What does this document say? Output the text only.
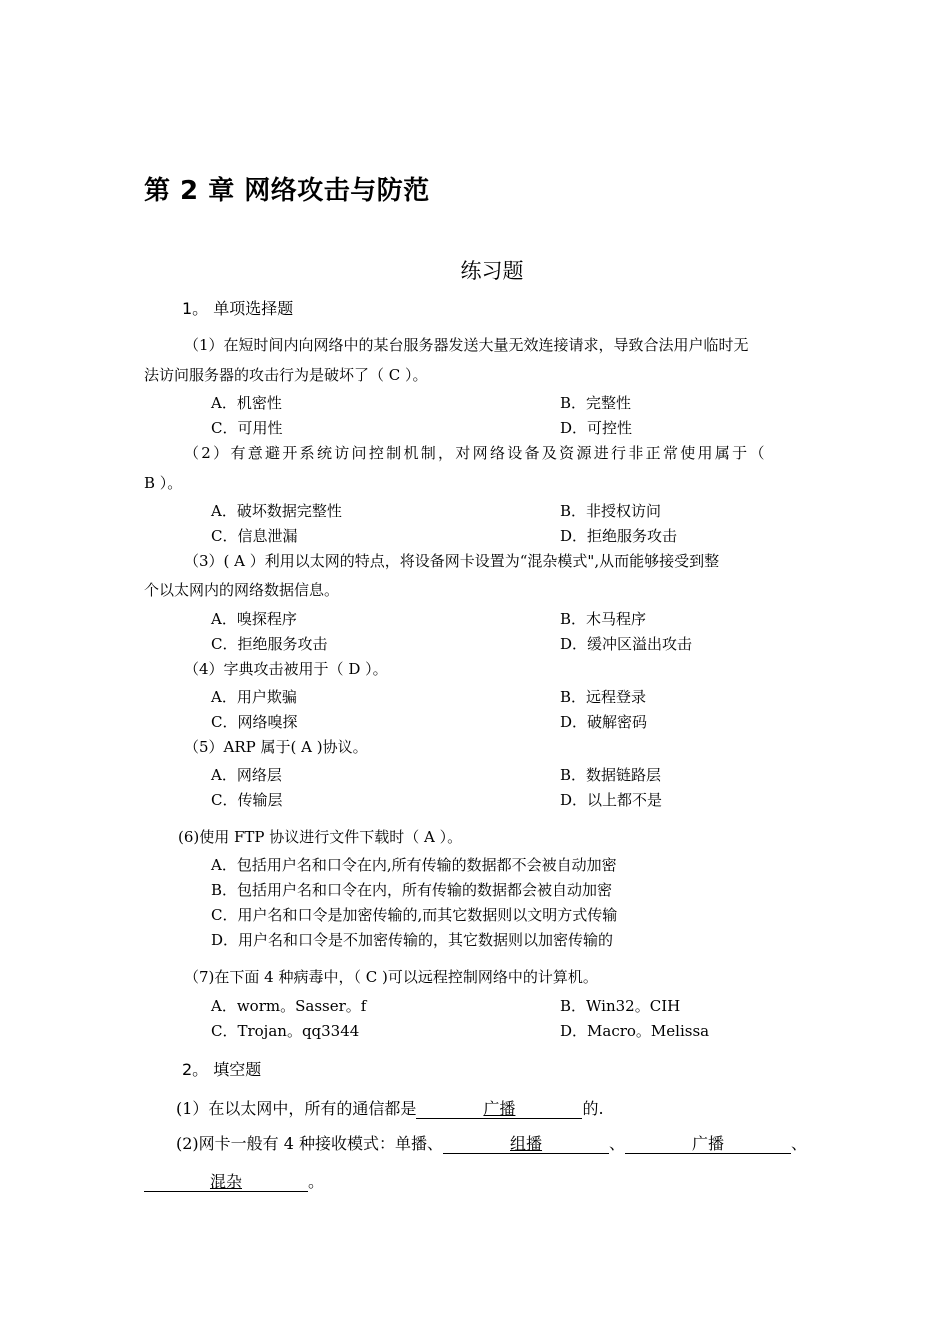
第 2 章 网络攻击与防范
练习题
1。 单项选择题
（1）在短时间内向网络中的某台服务器发送大量无效连接请求，导致合法用户临时无
法访问服务器的攻击行为是破坏了（ C ）。
A．机密性	B．完整性
C．可用性	D．可控性
（2）有意避开系统访问控制机制，对网络设备及资源进行非正常使用属于（
B ）。
A．破坏数据完整性	B．非授权访问
C．信息泄漏	D．拒绝服务攻击
（3）( A ）利用以太网的特点，将设备网卡设置为“混杂模式",从而能够接受到整
个以太网内的网络数据信息。
A．嗅探程序	B．木马程序
C．拒绝服务攻击	D．缓冲区溢出攻击
（4）字典攻击被用于（ D ）。
A．用户欺骗	B．远程登录
C．网络嗅探	D．破解密码
（5）ARP 属于( A )协议。
A．网络层	B．数据链路层
C．传输层	D．以上都不是
(6)使用 FTP 协议进行文件下载时（ A ）。
A．包括用户名和口令在内,所有传输的数据都不会被自动加密
B．包括用户名和口令在内，所有传输的数据都会被自动加密
C．用户名和口令是加密传输的,而其它数据则以文明方式传输
D．用户名和口令是不加密传输的，其它数据则以加密传输的
（7)在下面 4 种病毒中，（ C )可以远程控制网络中的计算机。
A．worm。Sasser。f	B．Win32。CIH
C．Trojan。qq3344	D．Macro。Melissa
2。 填空题
(1）在以太网中，所有的通信都是	广播	的.
(2)网卡一般有 4 种接收模式：单播、	组播	、	广播	、
混杂	。
